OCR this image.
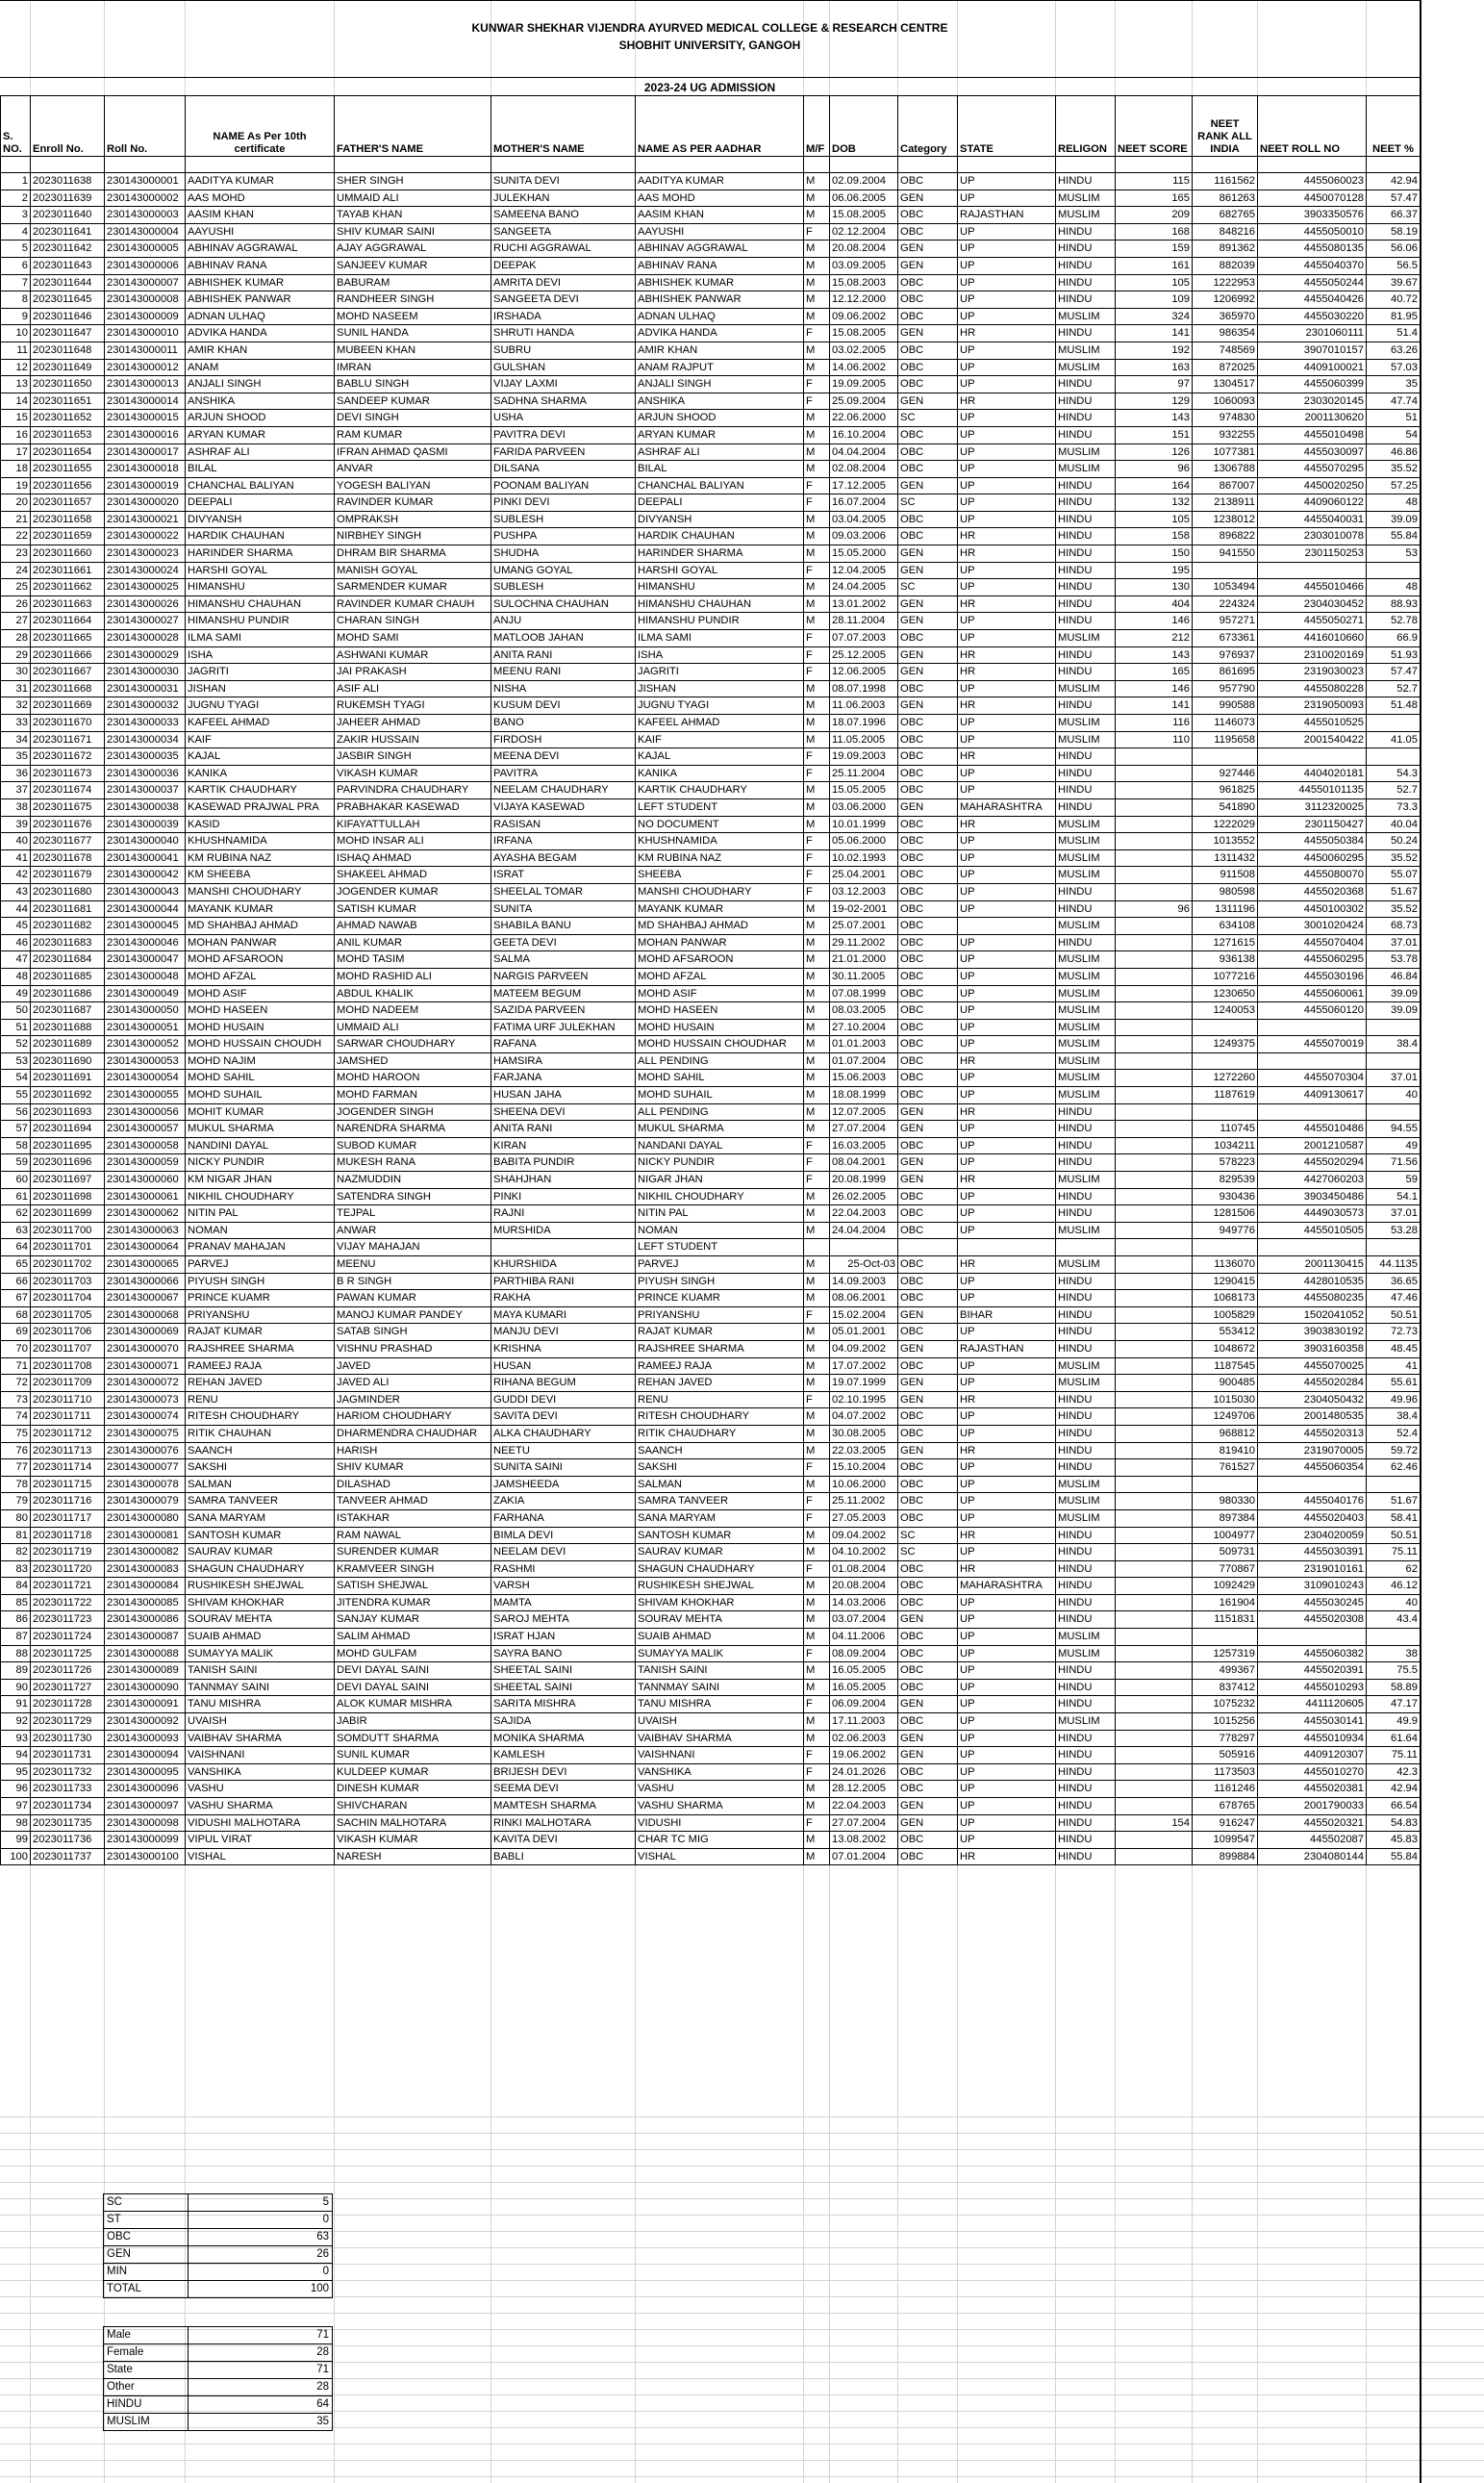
KUNWAR SHEKHAR VIJENDRA AYURVED MEDICAL COLLEGE & RESEARCH CENTRE
SHOBHIT UNIVERSITY, GANGOH
2023-24 UG ADMISSION
S. NO.	Enroll No.	Roll No.	NAME As Per 10th certificate	FATHER'S NAME	MOTHER'S NAME	NAME AS PER AADHAR	M/F	DOB	Category	STATE	RELIGON	NEET SCORE	NEET RANK ALL INDIA	NEET ROLL NO	NEET %

1	2023011638	230143000001	AADITYA KUMAR	SHER SINGH	SUNITA DEVI	AADITYA KUMAR	M	02.09.2004	OBC	UP	HINDU	115	1161562	4455060023	42.94
2	2023011639	230143000002	AAS MOHD	UMMAID ALI	JULEKHAN	AAS MOHD	M	06.06.2005	GEN	UP	MUSLIM	165	861263	4450070128	57.47
3	2023011640	230143000003	AASIM KHAN	TAYAB KHAN	SAMEENA BANO	AASIM KHAN	M	15.08.2005	OBC	RAJASTHAN	MUSLIM	209	682765	3903350576	66.37
4	2023011641	230143000004	AAYUSHI	SHIV KUMAR SAINI	SANGEETA	AAYUSHI	F	02.12.2004	OBC	UP	HINDU	168	848216	4455050010	58.19
5	2023011642	230143000005	ABHINAV AGGRAWAL	AJAY AGGRAWAL	RUCHI AGGRAWAL	ABHINAV AGGRAWAL	M	20.08.2004	GEN	UP	HINDU	159	891362	4455080135	56.06
6	2023011643	230143000006	ABHINAV RANA	SANJEEV KUMAR	DEEPAK	ABHINAV RANA	M	03.09.2005	GEN	UP	HINDU	161	882039	4455040370	56.5
7	2023011644	230143000007	ABHISHEK KUMAR	BABURAM	AMRITA DEVI	ABHISHEK KUMAR	M	15.08.2003	OBC	UP	HINDU	105	1222953	4455050244	39.67
8	2023011645	230143000008	ABHISHEK PANWAR	RANDHEER SINGH	SANGEETA DEVI	ABHISHEK PANWAR	M	12.12.2000	OBC	UP	HINDU	109	1206992	4455040426	40.72
9	2023011646	230143000009	ADNAN ULHAQ	MOHD NASEEM	IRSHADA	ADNAN ULHAQ	M	09.06.2002	OBC	UP	MUSLIM	324	365970	4455030220	81.95
10	2023011647	230143000010	ADVIKA HANDA	SUNIL HANDA	SHRUTI HANDA	ADVIKA HANDA	F	15.08.2005	GEN	HR	HINDU	141	986354	2301060111	51.4
11	2023011648	230143000011	AMIR KHAN	MUBEEN KHAN	SUBRU	AMIR KHAN	M	03.02.2005	OBC	UP	MUSLIM	192	748569	3907010157	63.26
12	2023011649	230143000012	ANAM	IMRAN	GULSHAN	ANAM RAJPUT	M	14.06.2002	OBC	UP	MUSLIM	163	872025	4409100021	57.03
13	2023011650	230143000013	ANJALI SINGH	BABLU SINGH	VIJAY LAXMI	ANJALI SINGH	F	19.09.2005	OBC	UP	HINDU	97	1304517	4455060399	35
14	2023011651	230143000014	ANSHIKA	SANDEEP KUMAR	SADHNA SHARMA	ANSHIKA	F	25.09.2004	GEN	HR	HINDU	129	1060093	2303020145	47.74
15	2023011652	230143000015	ARJUN SHOOD	DEVI SINGH	USHA	ARJUN SHOOD	M	22.06.2000	SC	UP	HINDU	143	974830	2001130620	51
16	2023011653	230143000016	ARYAN KUMAR	RAM KUMAR	PAVITRA DEVI	ARYAN KUMAR	M	16.10.2004	OBC	UP	HINDU	151	932255	4455010498	54
17	2023011654	230143000017	ASHRAF ALI	IFRAN AHMAD QASMI	FARIDA PARVEEN	ASHRAF ALI	M	04.04.2004	OBC	UP	MUSLIM	126	1077381	4455030097	46.86
18	2023011655	230143000018	BILAL	ANVAR	DILSANA	BILAL	M	02.08.2004	OBC	UP	MUSLIM	96	1306788	4455070295	35.52
19	2023011656	230143000019	CHANCHAL BALIYAN	YOGESH BALIYAN	POONAM BALIYAN	CHANCHAL BALIYAN	F	17.12.2005	GEN	UP	HINDU	164	867007	4450020250	57.25
20	2023011657	230143000020	DEEPALI	RAVINDER KUMAR	PINKI DEVI	DEEPALI	F	16.07.2004	SC	UP	HINDU	132	2138911	4409060122	48
21	2023011658	230143000021	DIVYANSH	OMPRAKSH	SUBLESH	DIVYANSH	M	03.04.2005	OBC	UP	HINDU	105	1238012	4455040031	39.09
22	2023011659	230143000022	HARDIK CHAUHAN	NIRBHEY SINGH	PUSHPA	HARDIK CHAUHAN	M	09.03.2006	OBC	HR	HINDU	158	896822	2303010078	55.84
23	2023011660	230143000023	HARINDER SHARMA	DHRAM BIR SHARMA	SHUDHA	HARINDER SHARMA	M	15.05.2000	GEN	HR	HINDU	150	941550	2301150253	53
24	2023011661	230143000024	HARSHI GOYAL	MANISH GOYAL	UMANG GOYAL	HARSHI GOYAL	F	12.04.2005	GEN	UP	HINDU	195			
25	2023011662	230143000025	HIMANSHU	SARMENDER KUMAR	SUBLESH	HIMANSHU	M	24.04.2005	SC	UP	HINDU	130	1053494	4455010466	48
26	2023011663	230143000026	HIMANSHU CHAUHAN	RAVINDER KUMAR CHAUH	SULOCHNA CHAUHAN	HIMANSHU CHAUHAN	M	13.01.2002	GEN	HR	HINDU	404	224324	2304030452	88.93
27	2023011664	230143000027	HIMANSHU PUNDIR	CHARAN SINGH	ANJU	HIMANSHU PUNDIR	M	28.11.2004	GEN	UP	HINDU	146	957271	4455050271	52.78
28	2023011665	230143000028	ILMA SAMI	MOHD SAMI	MATLOOB JAHAN	ILMA SAMI	F	07.07.2003	OBC	UP	MUSLIM	212	673361	4416010660	66.9
29	2023011666	230143000029	ISHA	ASHWANI KUMAR	ANITA RANI	ISHA	F	25.12.2005	GEN	HR	HINDU	143	976937	2310020169	51.93
30	2023011667	230143000030	JAGRITI	JAI PRAKASH	MEENU RANI	JAGRITI	F	12.06.2005	GEN	HR	HINDU	165	861695	2319030023	57.47
31	2023011668	230143000031	JISHAN	ASIF ALI	NISHA	JISHAN	M	08.07.1998	OBC	UP	MUSLIM	146	957790	4455080228	52.7
32	2023011669	230143000032	JUGNU TYAGI	RUKEMSH TYAGI	KUSUM DEVI	JUGNU TYAGI	M	11.06.2003	GEN	HR	HINDU	141	990588	2319050093	51.48
33	2023011670	230143000033	KAFEEL AHMAD	JAHEER AHMAD	BANO	KAFEEL AHMAD	M	18.07.1996	OBC	UP	MUSLIM	116	1146073	4455010525	
34	2023011671	230143000034	KAIF	ZAKIR HUSSAIN	FIRDOSH	KAIF	M	11.05.2005	OBC	UP	MUSLIM	110	1195658	2001540422	41.05
35	2023011672	230143000035	KAJAL	JASBIR SINGH	MEENA DEVI	KAJAL	F	19.09.2003	OBC	HR	HINDU				
36	2023011673	230143000036	KANIKA	VIKASH KUMAR	PAVITRA	KANIKA	F	25.11.2004	OBC	UP	HINDU		927446	4404020181	54.3
37	2023011674	230143000037	KARTIK CHAUDHARY	PARVINDRA CHAUDHARY	NEELAM CHAUDHARY	KARTIK CHAUDHARY	M	15.05.2005	OBC	UP	HINDU		961825	44550101135	52.7
38	2023011675	230143000038	KASEWAD PRAJWAL PRA	PRABHAKAR KASEWAD	VIJAYA KASEWAD	LEFT STUDENT	M	03.06.2000	GEN	MAHARASHTRA	HINDU		541890	3112320025	73.3
39	2023011676	230143000039	KASID	KIFAYATTULLAH	RASISAN	NO DOCUMENT	M	10.01.1999	OBC	HR	MUSLIM		1222029	2301150427	40.04
40	2023011677	230143000040	KHUSHNAMIDA	MOHD INSAR ALI	IRFANA	KHUSHNAMIDA	F	05.06.2000	OBC	UP	MUSLIM		1013552	4455050384	50.24
41	2023011678	230143000041	KM RUBINA NAZ	ISHAQ AHMAD	AYASHA BEGAM	KM RUBINA NAZ	F	10.02.1993	OBC	UP	MUSLIM		1311432	4450060295	35.52
42	2023011679	230143000042	KM SHEEBA	SHAKEEL AHMAD	ISRAT	SHEEBA	F	25.04.2001	OBC	UP	MUSLIM		911508	4455080070	55.07
43	2023011680	230143000043	MANSHI CHOUDHARY	JOGENDER KUMAR	SHEELAL TOMAR	MANSHI CHOUDHARY	F	03.12.2003	OBC	UP	HINDU		980598	4455020368	51.67
44	2023011681	230143000044	MAYANK KUMAR	SATISH KUMAR	SUNITA	MAYANK KUMAR	M	19-02-2001	OBC	UP	HINDU	96	1311196	4450100302	35.52
45	2023011682	230143000045	MD SHAHBAJ AHMAD	AHMAD NAWAB	SHABILA BANU	MD SHAHBAJ AHMAD	M	25.07.2001	OBC		MUSLIM		634108	3001020424	68.73
46	2023011683	230143000046	MOHAN PANWAR	ANIL KUMAR	GEETA DEVI	MOHAN PANWAR	M	29.11.2002	OBC	UP	HINDU		1271615	4455070404	37.01
47	2023011684	230143000047	MOHD AFSAROON	MOHD TASIM	SALMA	MOHD AFSAROON	M	21.01.2000	OBC	UP	MUSLIM		936138	4455060295	53.78
48	2023011685	230143000048	MOHD AFZAL	MOHD RASHID ALI	NARGIS PARVEEN	MOHD AFZAL	M	30.11.2005	OBC	UP	MUSLIM		1077216	4455030196	46.84
49	2023011686	230143000049	MOHD ASIF	ABDUL KHALIK	MATEEM BEGUM	MOHD ASIF	M	07.08.1999	OBC	UP	MUSLIM		1230650	4455060061	39.09
50	2023011687	230143000050	MOHD HASEEN	MOHD NADEEM	SAZIDA PARVEEN	MOHD HASEEN	M	08.03.2005	OBC	UP	MUSLIM		1240053	4455060120	39.09
51	2023011688	230143000051	MOHD HUSAIN	UMMAID ALI	FATIMA URF JULEKHAN	MOHD HUSAIN	M	27.10.2004	OBC	UP	MUSLIM				
52	2023011689	230143000052	MOHD HUSSAIN CHOUDH	SARWAR CHOUDHARY	RAFANA	MOHD HUSSAIN CHOUDHAR	M	01.01.2003	OBC	UP	MUSLIM		1249375	4455070019	38.4
53	2023011690	230143000053	MOHD NAJIM	JAMSHED	HAMSIRA	ALL PENDING	M	01.07.2004	OBC	HR	MUSLIM				
54	2023011691	230143000054	MOHD SAHIL	MOHD HAROON	FARJANA	MOHD SAHIL	M	15.06.2003	OBC	UP	MUSLIM		1272260	4455070304	37.01
55	2023011692	230143000055	MOHD SUHAIL	MOHD FARMAN	HUSAN JAHA	MOHD SUHAIL	M	18.08.1999	OBC	UP	MUSLIM		1187619	4409130617	40
56	2023011693	230143000056	MOHIT KUMAR	JOGENDER SINGH	SHEENA DEVI	ALL PENDING	M	12.07.2005	GEN	HR	HINDU				
57	2023011694	230143000057	MUKUL SHARMA	NARENDRA SHARMA	ANITA RANI	MUKUL SHARMA	M	27.07.2004	GEN	UP	HINDU		110745	4455010486	94.55
58	2023011695	230143000058	NANDINI DAYAL	SUBOD KUMAR	KIRAN	NANDANI DAYAL	F	16.03.2005	OBC	UP	HINDU		1034211	2001210587	49
59	2023011696	230143000059	NICKY PUNDIR	MUKESH RANA	BABITA PUNDIR	NICKY PUNDIR	F	08.04.2001	GEN	UP	HINDU		578223	4455020294	71.56
60	2023011697	230143000060	KM NIGAR JHAN	NAZMUDDIN	SHAHJHAN	NIGAR JHAN	F	20.08.1999	GEN	HR	MUSLIM		829539	4427060203	59
61	2023011698	230143000061	NIKHIL CHOUDHARY	SATENDRA SINGH	PINKI	NIKHIL CHOUDHARY	M	26.02.2005	OBC	UP	HINDU		930436	3903450486	54.1
62	2023011699	230143000062	NITIN PAL	TEJPAL	RAJNI	NITIN PAL	M	22.04.2003	OBC	UP	HINDU		1281506	4449030573	37.01
63	2023011700	230143000063	NOMAN	ANWAR	MURSHIDA	NOMAN	M	24.04.2004	OBC	UP	MUSLIM		949776	4455010505	53.28
64	2023011701	230143000064	PRANAV MAHAJAN	VIJAY MAHAJAN		LEFT STUDENT									
65	2023011702	230143000065	PARVEJ	MEENU	KHURSHIDA	PARVEJ	M	25-Oct-03	OBC	HR	MUSLIM		1136070	2001130415	44.1135
66	2023011703	230143000066	PIYUSH SINGH	B R SINGH	PARTHIBA RANI	PIYUSH SINGH	M	14.09.2003	OBC	UP	HINDU		1290415	4428010535	36.65
67	2023011704	230143000067	PRINCE KUAMR	PAWAN KUMAR	RAKHA	PRINCE KUAMR	M	08.06.2001	OBC	UP	HINDU		1068173	4455080235	47.46
68	2023011705	230143000068	PRIYANSHU	MANOJ KUMAR PANDEY	MAYA KUMARI	PRIYANSHU	F	15.02.2004	GEN	BIHAR	HINDU		1005829	1502041052	50.51
69	2023011706	230143000069	RAJAT KUMAR	SATAB SINGH	MANJU DEVI	RAJAT KUMAR	M	05.01.2001	OBC	UP	HINDU		553412	3903830192	72.73
70	2023011707	230143000070	RAJSHREE SHARMA	VISHNU PRASHAD	KRISHNA	RAJSHREE SHARMA	M	04.09.2002	GEN	RAJASTHAN	HINDU		1048672	3903160358	48.45
71	2023011708	230143000071	RAMEEJ RAJA	JAVED	HUSAN	RAMEEJ RAJA	M	17.07.2002	OBC	UP	MUSLIM		1187545	4455070025	41
72	2023011709	230143000072	REHAN JAVED	JAVED ALI	RIHANA BEGUM	REHAN JAVED	M	19.07.1999	GEN	UP	MUSLIM		900485	4455020284	55.61
73	2023011710	230143000073	RENU	JAGMINDER	GUDDI DEVI	RENU	F	02.10.1995	GEN	HR	HINDU		1015030	2304050432	49.96
74	2023011711	230143000074	RITESH CHOUDHARY	HARIOM CHOUDHARY	SAVITA DEVI	RITESH CHOUDHARY	M	04.07.2002	OBC	UP	HINDU		1249706	2001480535	38.4
75	2023011712	230143000075	RITIK CHAUHAN	DHARMENDRA CHAUDHAR	ALKA CHAUDHARY	RITIK CHAUDHARY	M	30.08.2005	OBC	UP	HINDU		968812	4455020313	52.4
76	2023011713	230143000076	SAANCH	HARISH	NEETU	SAANCH	M	22.03.2005	GEN	HR	HINDU		819410	2319070005	59.72
77	2023011714	230143000077	SAKSHI	SHIV KUMAR	SUNITA SAINI	SAKSHI	F	15.10.2004	OBC	UP	HINDU		761527	4455060354	62.46
78	2023011715	230143000078	SALMAN	DILASHAD	JAMSHEEDA	SALMAN	M	10.06.2000	OBC	UP	MUSLIM				
79	2023011716	230143000079	SAMRA TANVEER	TANVEER AHMAD	ZAKIA	SAMRA TANVEER	F	25.11.2002	OBC	UP	MUSLIM		980330	4455040176	51.67
80	2023011717	230143000080	SANA MARYAM	ISTAKHAR	FARHANA	SANA MARYAM	F	27.05.2003	OBC	UP	MUSLIM		897384	4455020403	58.41
81	2023011718	230143000081	SANTOSH KUMAR	RAM NAWAL	BIMLA DEVI	SANTOSH KUMAR	M	09.04.2002	SC	HR	HINDU		1004977	2304020059	50.51
82	2023011719	230143000082	SAURAV KUMAR	SURENDER KUMAR	NEELAM DEVI	SAURAV KUMAR	M	04.10.2002	SC	UP	HINDU		509731	4455030391	75.11
83	2023011720	230143000083	SHAGUN CHAUDHARY	KRAMVEER SINGH	RASHMI	SHAGUN CHAUDHARY	F	01.08.2004	OBC	HR	HINDU		770867	2319010161	62
84	2023011721	230143000084	RUSHIKESH SHEJWAL	SATISH SHEJWAL	VARSH	RUSHIKESH SHEJWAL	M	20.08.2004	OBC	MAHARASHTRA	HINDU		1092429	3109010243	46.12
85	2023011722	230143000085	SHIVAM KHOKHAR	JITENDRA KUMAR	MAMTA	SHIVAM KHOKHAR	M	14.03.2006	OBC	UP	HINDU		161904	4455030245	40
86	2023011723	230143000086	SOURAV MEHTA	SANJAY KUMAR	SAROJ MEHTA	SOURAV MEHTA	M	03.07.2004	GEN	UP	HINDU		1151831	4455020308	43.4
87	2023011724	230143000087	SUAIB AHMAD	SALIM AHMAD	ISRAT HJAN	SUAIB AHMAD	M	04.11.2006	OBC	UP	MUSLIM				
88	2023011725	230143000088	SUMAYYA MALIK	MOHD GULFAM	SAYRA BANO	SUMAYYA MALIK	F	08.09.2004	OBC	UP	MUSLIM		1257319	4455060382	38
89	2023011726	230143000089	TANISH SAINI	DEVI DAYAL SAINI	SHEETAL SAINI	TANISH SAINI	M	16.05.2005	OBC	UP	HINDU		499367	4455020391	75.5
90	2023011727	230143000090	TANNMAY SAINI	DEVI DAYAL SAINI	SHEETAL SAINI	TANNMAY SAINI	M	16.05.2005	OBC	UP	HINDU		837412	4455010293	58.89
91	2023011728	230143000091	TANU MISHRA	ALOK KUMAR MISHRA	SARITA MISHRA	TANU MISHRA	F	06.09.2004	GEN	UP	HINDU		1075232	4411120605	47.17
92	2023011729	230143000092	UVAISH	JABIR	SAJIDA	UVAISH	M	17.11.2003	OBC	UP	MUSLIM		1015256	4455030141	49.9
93	2023011730	230143000093	VAIBHAV SHARMA	SOMDUTT SHARMA	MONIKA SHARMA	VAIBHAV SHARMA	M	02.06.2003	GEN	UP	HINDU		778297	4455010934	61.64
94	2023011731	230143000094	VAISHNANI	SUNIL KUMAR	KAMLESH	VAISHNANI	F	19.06.2002	GEN	UP	HINDU		505916	4409120307	75.11
95	2023011732	230143000095	VANSHIKA	KULDEEP KUMAR	BRIJESH DEVI	VANSHIKA	F	24.01.2026	OBC	UP	HINDU		1173503	4455010270	42.3
96	2023011733	230143000096	VASHU	DINESH KUMAR	SEEMA DEVI	VASHU	M	28.12.2005	OBC	UP	HINDU		1161246	4455020381	42.94
97	2023011734	230143000097	VASHU SHARMA	SHIVCHARAN	MAMTESH SHARMA	VASHU SHARMA	M	22.04.2003	GEN	UP	HINDU		678765	2001790033	66.54
98	2023011735	230143000098	VIDUSHI MALHOTARA	SACHIN MALHOTARA	RINKI MALHOTARA	VIDUSHI	F	27.07.2004	GEN	UP	HINDU	154	916247	4455020321	54.83
99	2023011736	230143000099	VIPUL VIRAT	VIKASH KUMAR	KAVITA DEVI	CHAR TC MIG	M	13.08.2002	OBC	UP	HINDU		1099547	445502087	45.83
100	2023011737	230143000100	VISHAL	NARESH	BABLI	VISHAL	M	07.01.2004	OBC	HR	HINDU		899884	2304080144	55.84
SC	5
ST	0
OBC	63
GEN	26
MIN	0
TOTAL	100
Male	71
Female	28
State	71
Other	28
HINDU	64
MUSLIM	35
